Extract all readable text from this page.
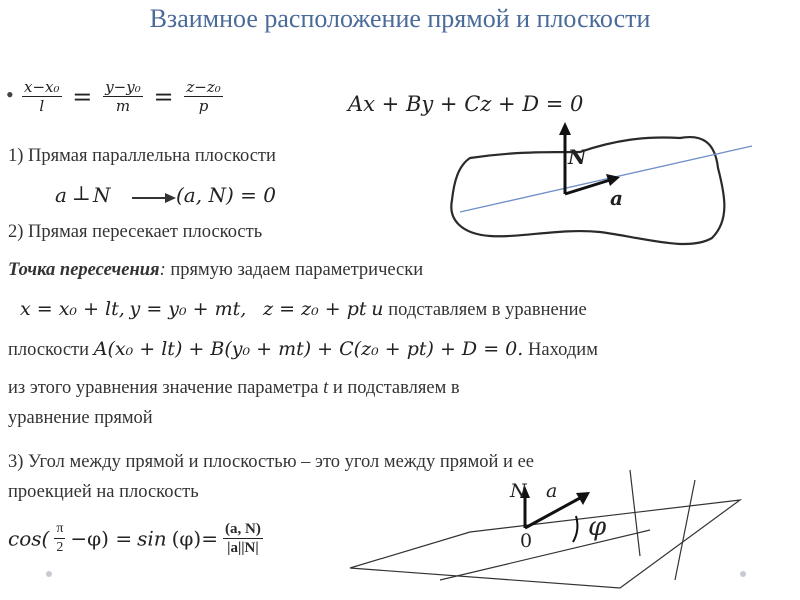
Взаимное расположение прямой и плоскости
• $\frac{\text{x−x₀}}{l} = \frac{\text{y−y₀}}{m} = \frac{\text{z−z₀}}{p}$	Ax + By + Cz + D = 0
1) Прямая параллельна плоскости
a ⊥ N	(a, N) = 0
2) Прямая пересекает плоскость
Точка пересечения: прямую задаем параметрически
x = x₀ + lt, y = y₀ + mt, z = z₀ + pt и подставляем в уравнение
плоскости A(x₀ + lt) + B(y₀ + mt) + C(z₀ + pt) + D = 0. Находим
из этого уравнения значение параметра t и подставляем в
уравнение прямой
3) Угол между прямой и плоскостью – это угол между прямой и ее
проекцией на плоскость
$\cos( \frac{\pi}{2} -\varphi) = \sin (\varphi)= \frac{(a, N)}{|a||N|}$
N
a
N a
0 φ
